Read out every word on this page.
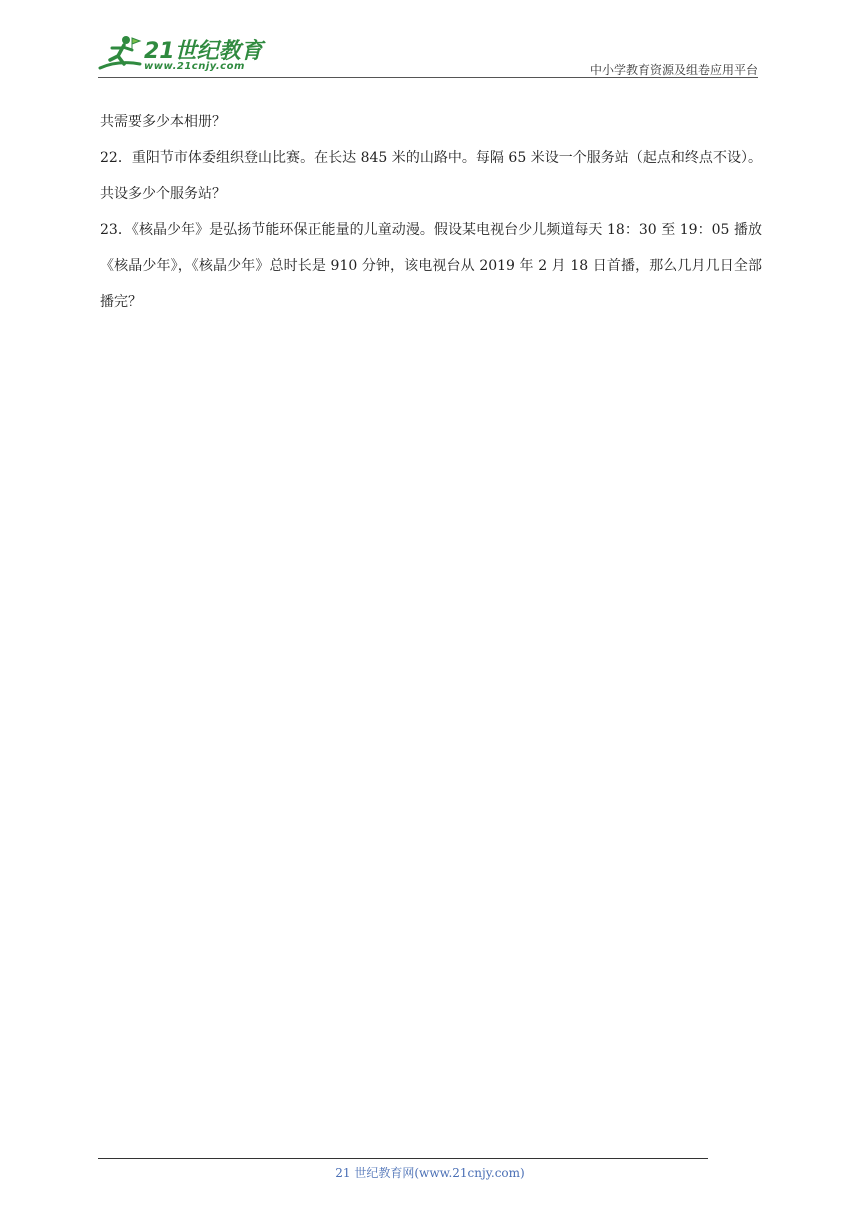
21世纪教育
www.21cnjy.com	中小学教育资源及组卷应用平台

共需要多少本相册？

22．重阳节市体委组织登山比赛。在长达 845 米的山路中。每隔 65 米设一个服务站（起点和终点不设）。共设多少个服务站？

23．《核晶少年》是弘扬节能环保正能量的儿童动漫。假设某电视台少儿频道每天 18：30 至 19：05 播放《核晶少年》，《核晶少年》总时长是 910 分钟，该电视台从 2019 年 2 月 18 日首播，那么几月几日全部播完？

21 世纪教育网(www.21cnjy.com)
